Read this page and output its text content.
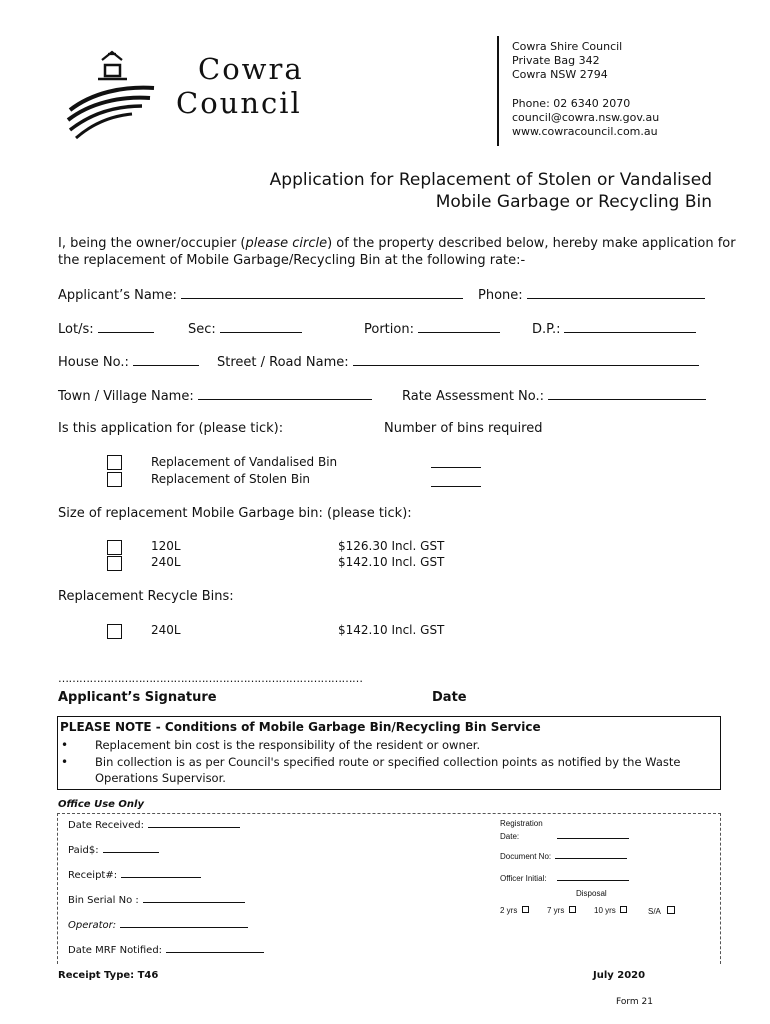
Cowra
Council
Cowra Shire Council
Private Bag 342
Cowra NSW 2794
Phone: 02 6340 2070
council@cowra.nsw.gov.au
www.cowracouncil.com.au
Application for Replacement of Stolen or Vandalised
Mobile Garbage or Recycling Bin
I, being the owner/occupier (please circle) of the property described below, hereby make application for
the replacement of Mobile Garbage/Recycling Bin at the following rate:-
Applicant’s Name:	Phone:
Lot/s:	Sec:	Portion:	D.P.:
House No.:	Street / Road Name:
Town / Village Name:	Rate Assessment No.:
Is this application for (please tick):	Number of bins required
Replacement of Vandalised Bin
Replacement of Stolen Bin
Size of replacement Mobile Garbage bin: (please tick):
120L	$126.30 Incl. GST
240L	$142.10 Incl. GST
Replacement Recycle Bins:
240L	$142.10 Incl. GST
……………………………………………………………………………
Applicant’s Signature	Date
PLEASE NOTE - Conditions of Mobile Garbage Bin/Recycling Bin Service
• Replacement bin cost is the responsibility of the resident or owner.
• Bin collection is as per Council's specified route or specified collection points as notified by the Waste
Operations Supervisor.
Office Use Only
Date Received:
Paid$:
Receipt#:
Bin Serial No :
Operator:
Date MRF Notified:
Registration
Date:
Document No:
Officer Initial:
Disposal
2 yrs	7 yrs	10 yrs	S/A
Receipt Type: T46	July 2020
Form 21
